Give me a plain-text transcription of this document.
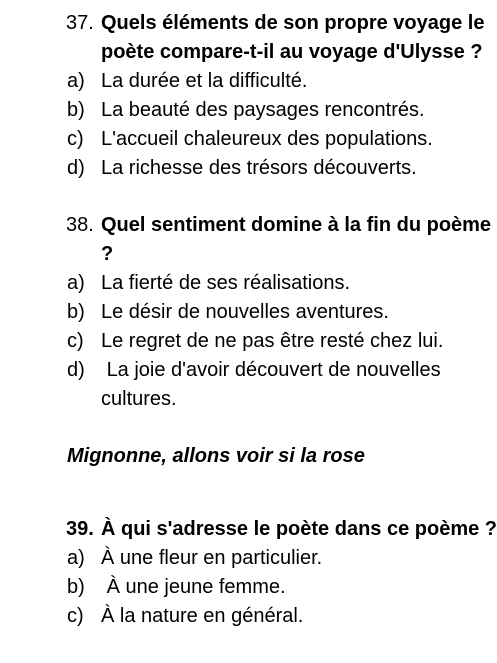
37. Quels éléments de son propre voyage le poète compare-t-il au voyage d'Ulysse ?
a) La durée et la difficulté.
b) La beauté des paysages rencontrés.
c) L'accueil chaleureux des populations.
d) La richesse des trésors découverts.
38. Quel sentiment domine à la fin du poème ?
a) La fierté de ses réalisations.
b) Le désir de nouvelles aventures.
c) Le regret de ne pas être resté chez lui.
d) La joie d'avoir découvert de nouvelles cultures.
Mignonne, allons voir si la rose
39. À qui s'adresse le poète dans ce poème ?
a) À une fleur en particulier.
b) À une jeune femme.
c) À la nature en général.
